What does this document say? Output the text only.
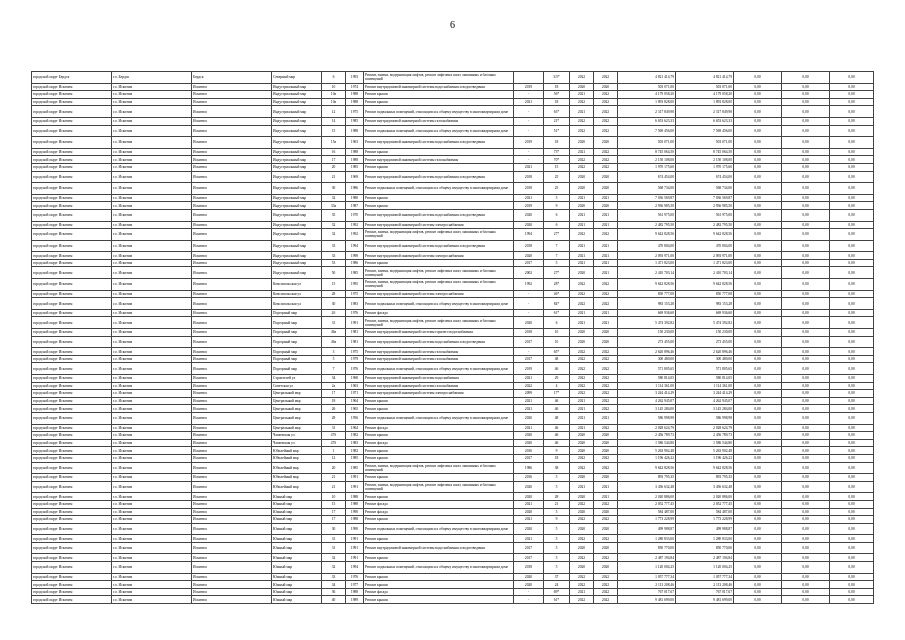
6
городской округ Бердск	г.о. Бердск	Бердск	Северный мкр	6	1993	Ремонт, замена, модернизация лифтов, ремонт лифтовых шахт, машинных и блочных помещений		3/5*	2022	2022	4 821 414,79	4 821 414,79	0,00	0,00	0,00
городской округ Искитим	г.о. Искитим	Искитим	Индустриальный мкр	10	1974	Ремонт внутридомовой инженерной системы водоснабжения и водоотведения	2019	18	2020	2020	503 071,00	503 071,00	0,00	0,00	0,00
городской округ Искитим	г.о. Искитим	Искитим	Индустриальный мкр	10а	1988	Ремонт крыши	-	56*	2021	2022	4 179 058,20	4 179 058,20	0,00	0,00	0,00
городской округ Искитим	г.о. Искитим	Искитим	Индустриальный мкр	10а	1988	Ремонт крыши	2021	18	2022	2022	1 893 828,00	1 893 828,00	0,00	0,00	0,00
городской округ Искитим	г.о. Искитим	Искитим	Индустриальный мкр	12	1975	Ремонт подвальных помещений, относящихся к общему имуществу в многоквартирном доме	-	63*	2021	2022	2 317 849,98	2 317 849,98	0,00	0,00	0,00
городской округ Искитим	г.о. Искитим	Искитим	Индустриальный мкр	14	1985	Ремонт внутридомовой инженерной системы газоснабжения	-	21*	2022	2022	6 653 623,33	6 653 623,33	0,00	0,00	0,00
городской округ Искитим	г.о. Искитим	Искитим	Индустриальный мкр	15	1988	Ремонт подвальных помещений, относящихся к общему имуществу в многоквартирном доме	-	51*	2022	2022	7 569 456,00	7 569 456,00	0,00	0,00	0,00
городской округ Искитим	г.о. Искитим	Искитим	Индустриальный мкр	15а	1963	Ремонт внутридомовой инженерной системы водоснабжения и водоотведения	2019	18	2020	2020	503 071,00	503 071,00	0,00	0,00	0,00
городской округ Искитим	г.о. Искитим	Искитим	Индустриальный мкр	16	1988	Ремонт крыши	-	73*	2021	2022	8 745 064,50	8 745 064,50	0,00	0,00	0,00
городской округ Искитим	г.о. Искитим	Искитим	Индустриальный мкр	17	1988	Ремонт внутридомовой инженерной системы газоснабжения	-	70*	2022	2022	2 150 108,00	2 150 108,00	0,00	0,00	0,00
городской округ Искитим	г.о. Искитим	Искитим	Индустриальный мкр	20	1985	Ремонт крыши	2021	15	2022	2022	1 970 175,60	1 970 175,60	0,00	0,00	0,00
городской округ Искитим	г.о. Искитим	Искитим	Индустриальный мкр	21	1969	Ремонт внутридомовой инженерной системы водоснабжения и водоотведения	2018	25	2020	2020	674 454,00	674 454,00	0,00	0,00	0,00
городской округ Искитим	г.о. Искитим	Искитим	Индустриальный мкр	30	1986	Ремонт подвальных помещений, относящихся к общему имуществу в многоквартирном доме	2018	25	2020	2020	568 734,00	568 734,00	0,00	0,00	0,00
городской округ Искитим	г.о. Искитим	Искитим	Индустриальный мкр	32	1980	Ремонт крыши	2021	5	2021	2021	7 036 569,87	7 036 569,87	0,00	0,00	0,00
городской округ Искитим	г.о. Искитим	Искитим	Индустриальный мкр	33а	1987	Ремонт крыши	2019	9	2020	2020	2 936 985,50	2 936 985,50	0,00	0,00	0,00
городской округ Искитим	г.о. Искитим	Искитим	Индустриальный мкр	35	1970	Ремонт внутридомовой инженерной системы водоснабжения и водоотведения	2020	6	2021	2021	561 975,00	561 975,00	0,00	0,00	0,00
городской округ Искитим	г.о. Искитим	Искитим	Индустриальный мкр	32	1992	Ремонт внутридомовой инженерной системы электроснабжения	2020	6	2021	2021	2 482 795,50	2 482 795,50	0,00	0,00	0,00
городской округ Искитим	г.о. Искитим	Искитим	Индустриальный мкр	32	1992	Ремонт, замена, модернизация лифтов, ремонт лифтовых шахт, машинных и блочных помещений	1994	27*	2022	2022	9 642 828,56	9 642 828,56	0,00	0,00	0,00
городской округ Искитим	г.о. Искитим	Искитим	Индустриальный мкр	33	1994	Ремонт внутридомовой инженерной системы водоснабжения и водоотведения	2018	7	2021	2021	470 804,00	470 804,00	0,00	0,00	0,00
городской округ Искитим	г.о. Искитим	Искитим	Индустриальный мкр	33	1998	Ремонт внутридомовой инженерной системы электроснабжения	2020	7	2021	2021	2 093 971,00	2 093 971,00	0,00	0,00	0,00
городской округ Искитим	г.о. Искитим	Искитим	Индустриальный мкр	53	1986	Ремонт крыши	2017	5	2021	2021	1 471 823,00	1 471 823,00	0,00	0,00	0,00
городской округ Искитим	г.о. Искитим	Искитим	Индустриальный мкр	50	1985	Ремонт, замена, модернизация лифтов, ремонт лифтовых шахт, машинных и блочных помещений	2002	27*	2020	2021	2 410 703,14	2 410 703,14	0,00	0,00	0,00
городской округ Искитим	г.о. Искитим	Искитим	Комсомольская ул	15	1995	Ремонт, замена, модернизация лифтов, ремонт лифтовых шахт, машинных и блочных помещений	1992	28*	2022	2022	9 642 828,56	9 642 828,56	0,00	0,00	0,00
городской округ Искитим	г.о. Искитим	Искитим	Комсомольская ул	28	1975	Ремонт внутридомовой инженерной системы электроснабжения	-	46*	2022	2022	850 777,08	850 777,08	0,00	0,00	0,00
городской округ Искитим	г.о. Искитим	Искитим	Комсомольская ул	30	1983	Ремонт подвальных помещений, относящихся к общему имуществу в многоквартирном доме	-	84*	2022	2022	983 153,28	983 153,28	0,00	0,00	0,00
городской округ Искитим	г.о. Искитим	Искитим	Подгорный мкр	2б	1976	Ремонт фасада	-	61*	2021	2021	669 936,60	669 936,60	0,00	0,00	0,00
городской округ Искитим	г.о. Искитим	Искитим	Подгорный мкр	31	1991	Ремонт, замена, модернизация лифтов, ремонт лифтовых шахт, машинных и блочных помещений	2020	6	2021	2021	5 474 392,82	5 474 392,82	0,00	0,00	0,00
городской округ Искитим	г.о. Искитим	Искитим	Подгорный мкр	46а	1981	Ремонт внутридомовой инженерной системы горячего водоснабжения	2018	10	2020	2020	150 230,00	150 230,00	0,00	0,00	0,00
городской округ Искитим	г.о. Искитим	Искитим	Подгорный мкр	46а	1981	Ремонт внутридомовой инженерной системы водоснабжения и водоотведения	2017	10	2020	2020	273 455,00	273 455,00	0,00	0,00	0,00
городской округ Искитим	г.о. Искитим	Искитим	Подгорный мкр	3	1975	Ремонт внутридомовой инженерной системы газоснабжения	-	65*	2022	2022	2 620 896,46	2 620 896,46	0,00	0,00	0,00
городской округ Искитим	г.о. Искитим	Искитим	Подгорный мкр	5	1979	Ремонт внутридомовой инженерной системы газоснабжения	2017	48	2022	2022	300 480,00	300 480,00	0,00	0,00	0,00
городской округ Искитим	г.о. Искитим	Искитим	Подгорный мкр	7	1976	Ремонт подвальных помещений, относящихся к общему имуществу в многоквартирном доме	2019	46	2022	2022	571 805,65	571 805,65	0,00	0,00	0,00
городской округ Искитим	г.о. Искитим	Искитим	Строителей ул	34	1968	Ремонт внутридомовой инженерной системы водоснабжения	2021	29	2022	2022	580 814,05	580 814,05	0,00	0,00	0,00
городской округ Искитим	г.о. Искитим	Искитим	Советская ул	2а	1963	Ремонт внутридомовой инженерной системы газоснабжения	2022	4	2022	2022	1 114 361,00	1 114 361,00	0,00	0,00	0,00
городской округ Искитим	г.о. Искитим	Искитим	Центральный мкр	17	1971	Ремонт внутридомовой инженерной системы электроснабжения	2099	17*	2022	2022	3 244 414,29	3 244 414,29	0,00	0,00	0,00
городской округ Искитим	г.о. Искитим	Искитим	Центральный мкр	18	1964	Ремонт крыши	2021	46	2021	2022	4 262 945,07	4 262 945,07	0,00	0,00	0,00
городской округ Искитим	г.о. Искитим	Искитим	Центральный мкр	26	1965	Ремонт крыши	2021	46	2021	2022	3 145 284,00	3 145 284,00	0,00	0,00	0,00
городской округ Искитим	г.о. Искитим	Искитим	Центральный мкр	28	1956	Ремонт подвальных помещений, относящихся к общему имуществу в многоквартирном доме	2020	48	2021	2021	586 998,98	586 998,98	0,00	0,00	0,00
городской округ Искитим	г.о. Искитим	Искитим	Центральный мкр	31	1964	Ремонт фасада	2021	46	2021	2022	2 028 624,79	2 028 624,79	0,00	0,00	0,00
городской округ Искитим	г.о. Искитим	Искитим	Чапаевская ул	47б	1982	Ремонт крыши	2020	46	2020	2020	2 456 789,73	2 456 789,73	0,00	0,00	0,00
городской округ Искитим	г.о. Искитим	Искитим	Чапаевская ул	47б	1983	Ремонт фасада	2020	46	2020	2020	1 586 544,80	1 586 544,80	0,00	0,00	0,00
городской округ Искитим	г.о. Искитим	Искитим	Юбилейный мкр	1	1982	Ремонт крыши	2016	9	2020	2020	5 263 902,48	5 263 902,48	0,00	0,00	0,00
городской округ Искитим	г.о. Искитим	Искитим	Юбилейный мкр	12	1985	Ремонт крыши	2017	18	2022	2022	1 196 426,22	1 196 426,22	0,00	0,00	0,00
городской округ Искитим	г.о. Искитим	Искитим	Юбилейный мкр	20	1985	Ремонт, замена, модернизация лифтов, ремонт лифтовых шахт, машинных и блочных помещений	1986	38	2022	2022	9 642 828,56	9 642 828,56	0,00	0,00	0,00
городской округ Искитим	г.о. Искитим	Искитим	Юбилейный мкр	21	1991	Ремонт крыши	2016	5	2020	2020	893 795,35	893 795,35	0,00	0,00	0,00
городской округ Искитим	г.о. Искитим	Искитим	Юбилейный мкр	21	1991	Ремонт, замена, модернизация лифтов, ремонт лифтовых шахт, машинных и блочных помещений	2020	5	2021	2021	3 456 632,48	3 456 632,48	0,00	0,00	0,00
городской округ Искитим	г.о. Искитим	Искитим	Южный мкр	10	1988	Ремонт крыши	2020	28	2020	2021	2 020 886,00	2 020 886,00	0,00	0,00	0,00
городской округ Искитим	г.о. Искитим	Искитим	Южный мкр	15	1988	Ремонт фасада	2021	21	2022	2022	2 052 777,45	2 052 777,45	0,00	0,00	0,00
городской округ Искитим	г.о. Искитим	Искитим	Южный мкр	17	1990	Ремонт фасада	2020	5	2020	2020	584 487,00	584 487,00	0,00	0,00	0,00
городской округ Искитим	г.о. Искитим	Искитим	Южный мкр	17	1988	Ремонт крыши	2021	9	2022	2022	1 773 228,99	1 773 228,99	0,00	0,00	0,00
городской округ Искитим	г.о. Искитим	Искитим	Южный мкр	30	1990	Ремонт подвальных помещений, относящихся к общему имуществу в многоквартирном доме	2020	5	2020	2020	499 988,87	499 988,87	0,00	0,00	0,00
городской округ Искитим	г.о. Искитим	Искитим	Южный мкр	31	1991	Ремонт крыши	2021	5	2022	2022	1 280 833,00	1 280 833,00	0,00	0,00	0,00
городской округ Искитим	г.о. Искитим	Искитим	Южный мкр	31	1991	Ремонт внутридомовой инженерной системы водоснабжения и водоотведения	2017	5	2020	2020	850 770,00	850 770,00	0,00	0,00	0,00
городской округ Искитим	г.о. Искитим	Искитим	Южный мкр	32	1991	Ремонт крыши	2017	5	2022	2022	2 487 194,84	2 487 194,84	0,00	0,00	0,00
городской округ Искитим	г.о. Искитим	Искитим	Южный мкр	32	1994	Ремонт подвальных помещений, относящихся к общему имуществу в многоквартирном доме	2018	5	2020	2020	1 120 004,25	1 120 004,25	0,00	0,00	0,00
городской округ Искитим	г.о. Искитим	Искитим	Южный мкр	33	1976	Ремонт крыши	2020	37	2022	2022	1 057 777,34	1 057 777,34	0,00	0,00	0,00
городской округ Искитим	г.о. Искитим	Искитим	Южный мкр	34	1977	Ремонт крыши	2020	24	2022	2022	2 113 208,46	2 113 208,46	0,00	0,00	0,00
городской округ Искитим	г.о. Искитим	Искитим	Южный мкр	36	1988	Ремонт фасада	-	69*	2021	2022	767 017,67	767 017,67	0,00	0,00	0,00
городской округ Искитим	г.о. Искитим	Искитим	Южный мкр	40	1989	Ремонт крыши	-	61*	2022	2022	9 481 699,00	9 481 699,00	0,00	0,00	0,00
